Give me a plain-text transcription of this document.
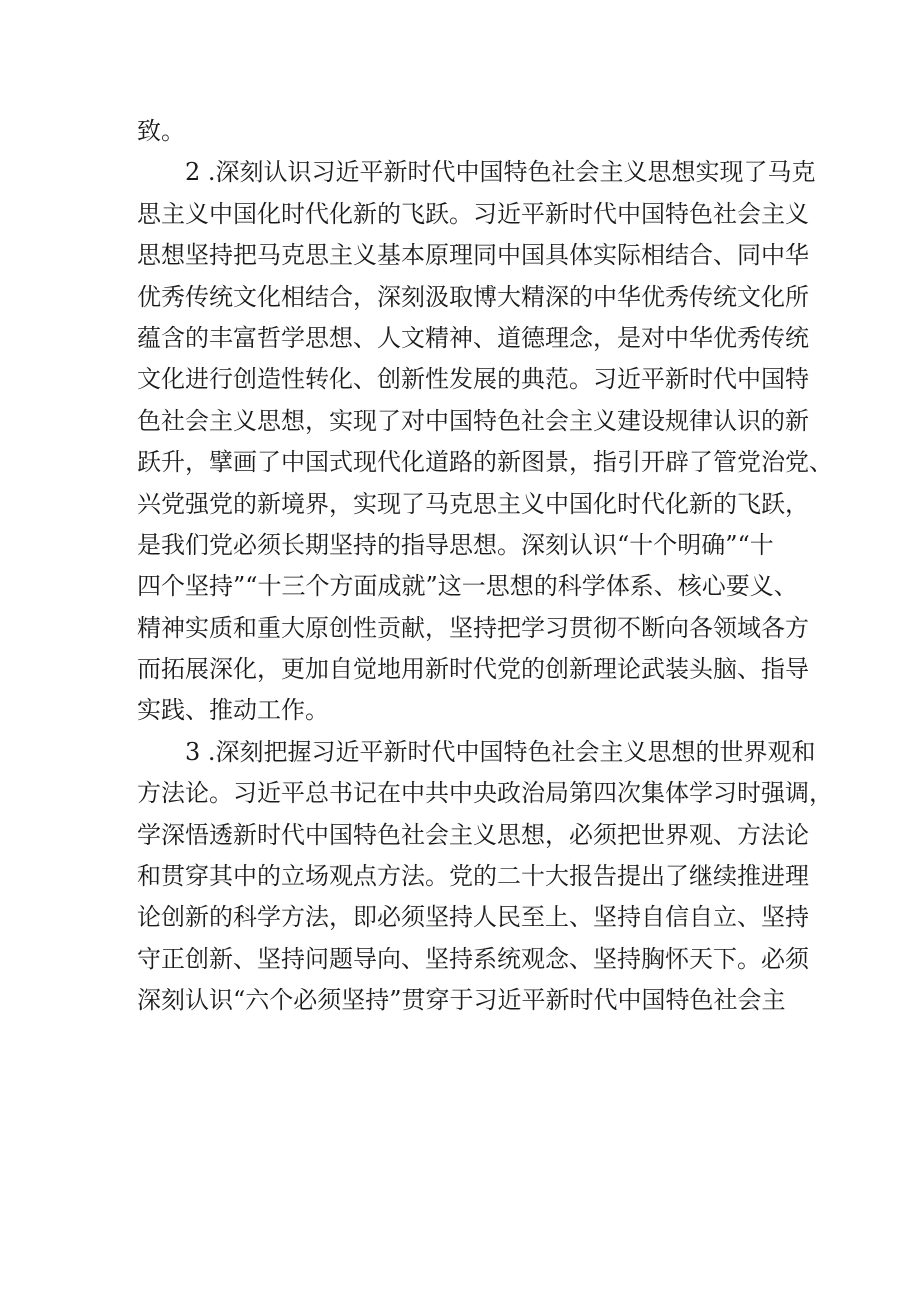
致。
2 .深刻认识习近平新时代中国特色社会主义思想实现了马克
思主义中国化时代化新的飞跃。习近平新时代中国特色社会主义
思想坚持把马克思主义基本原理同中国具体实际相结合、同中华
优秀传统文化相结合，深刻汲取博大精深的中华优秀传统文化所
蕴含的丰富哲学思想、人文精神、道德理念，是对中华优秀传统
文化进行创造性转化、创新性发展的典范。习近平新时代中国特
色社会主义思想，实现了对中国特色社会主义建设规律认识的新
跃升，擘画了中国式现代化道路的新图景，指引开辟了管党治党、
兴党强党的新境界，实现了马克思主义中国化时代化新的飞跃，
是我们党必须长期坚持的指导思想。深刻认识“十个明确”“十
四个坚持”“十三个方面成就”这一思想的科学体系、核心要义、
精神实质和重大原创性贡献，坚持把学习贯彻不断向各领域各方
而拓展深化，更加自觉地用新时代党的创新理论武装头脑、指导
实践、推动工作。
3 .深刻把握习近平新时代中国特色社会主义思想的世界观和
方法论。习近平总书记在中共中央政治局第四次集体学习时强调，
学深悟透新时代中国特色社会主义思想，必须把世界观、方法论
和贯穿其中的立场观点方法。党的二十大报告提出了继续推进理
论创新的科学方法，即必须坚持人民至上、坚持自信自立、坚持
守正创新、坚持问题导向、坚持系统观念、坚持胸怀天下。必须
深刻认识“六个必须坚持”贯穿于习近平新时代中国特色社会主
